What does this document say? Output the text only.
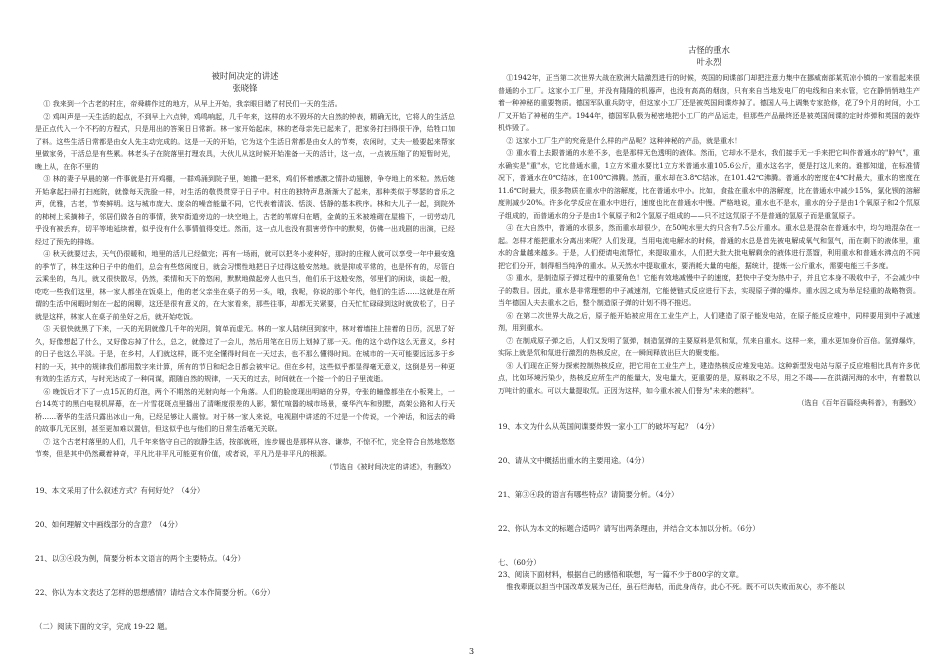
被时间决定的讲述

张晓锋

① 我来到一个古老的村庄，帝舜耕作过的地方，从早上开始，我亲眼目睹了村民们一天的生活。

② 鸡叫声是一天生活的起点，不到早上六点钟，鸡鸣响起，几千年来，这样的水不毁坏的大自然的钟表，精确无比，它将人的生活总是正点代入一个不朽的方程式，只是用出的答案日日常新。林一家开始起床，林的老母亲先已起来了，把家务打扫得很干净，给牲口加了料。这些生活日常都是由女人先主动完成的。这是一天的开始，它为这个生活日常都是由女人的节奏，农闲时，丈夫一般要起来帮家里做家务，干活总是有些累。林老头子在院落里打理农具，大伙儿从这时候开始准备一天的活计，这一点，一点被压缩了的短暂时光，晚上从，在你不里的

③ 林的妻子早晨的第一件事就是打开鸡棚，一群鸡涌到院子里，她撒一把米，鸡们怀着感激之情扑动翅膀，争夺地上的米粒。然后她开始拿起扫帚打扫庭院，就像每天洗脸一样，对生活的敬畏贯穿于日子中。村庄的独特声息渐渐大了起来，那种类似于琴瑟的音乐之声，优雅，古老，节奏鲜明。这与城市庞大、庞杂的噪音能量不同，它代表着清淡、恬淡、恬静的基本秩序。林和大儿子一起，到院外的柿树上采摘柿子，邻居们做各自的事情，狭窄街道旁边的一块空地上，古老的苇席归在晒，金黄的玉米被堆砌在屋檐下，一切劳动几乎没有被丢弃，切平等地延续着，似乎没有什么事情值得变迁。然而，这一点儿也没有损害劳作中的默契，仿佛一出戏剧的出演，已经经过了预先的排练。

④ 秋天就要过去，天气仍很暖和，地里的活儿已经做完；再有一场雨，就可以把冬小麦种好，那时的庄稼人就可以享受一年中最安逸的季节了，林生这种日子中的他们，总会有些悠闲度日，就会习惯性地把日子过得这般安然地。就是抑或平常的，也是怀有的，尽管白云乘坐的，鸟儿，就又很快散尽，仍然，柔情和天下的悠闲，默默地做起旁人也只当，他们乐于这般安然，邻里们的闲谈，谈起一般，吃吃一些我们这里，林一家人都坐在饭桌上，他的老父亲坐在桌子的另一头，哦，我呢，你说的那个年代，他们的生活……这就是在所谓的生活中闲暇时刻在一起的闲聊，这还是很有意义的，在大家看来，那些往事，却都无关紧要，白天忙忙碌碌到这时就放松了，日子就是这样，林家人在桌子前坐好之后，就开始吃饭。

⑤ 天很快就黑了下来，一天的光阴就像几千年的光阴，简单而虚无。林的一家人陆续回到家中，林对着墙挂上挂着的日历，沉思了好久，好像想起了什么，又好像忘掉了什么，总之，就像过了一会儿，然后用笔在日历上划掉了那一天。他的这个动作这么无意义，乡村的日子也这么平淡。于是，在乡村，人们就这样，既不完全懂得时间在一天过去，也不那么懂得时间。在城市的一天可能要远远多于乡村的一天，其中的规律我们都用数字来计算，所有的节日和纪念日都会被牢记。但在乡村，这些似乎都显得毫无意义，这倒是另一种更有效的生活方式，与时光达成了一种同谋，跟随自然的规律，一天天的过去，时间就在一个接一个的日子里流逝。

⑥ 晚饭后才下了一点15瓦的灯泡，两个不期然的光射向每一个角落。人们的脸庞现出明暗的分界，夺张的瞳像都坐在小板凳上，一台14英寸的黑白电视机屏幕，在一片雪花斑点里播出了清晰度很差的人影，繁忙喧嚣的城市场景，豪华汽车和别墅，高架公路和人行天桥……奢华的生活只露出冰山一角，已经足够让人震惊。对于林一家人来说，电视剧中讲述的不过是一个传说，一个神话，和远去的舜的故事几无区别，甚至更加难以置信，但这似乎也与他们的日常生活毫无关联。

⑦ 这个古老村落里的人们，几千年来恪守自己的寂静生活，按部就班，连步履也是那样从容、谦恭，不惊不忙，完全符合自然地悠悠节奏，但是其中仍然藏着神奇，平凡比非平凡可能更有价值，或者说，平凡乃是非平凡的根源。

（节选自《被时间决定的讲述》，有删改）

19、本文采用了什么叙述方式？有何好处？（4分）

20、如何理解文中画线部分的含意？（4分）

21、以③④段为例，简要分析本文语言的两个主要特点。（4分）

22、你认为本文表达了怎样的思想感情？请结合文本作简要分析。（6分）

（二）阅读下面的文字，完成 19-22 题。

古怪的重水

叶永烈

①1942年，正当第二次世界大战在欧洲大陆激烈进行的时候，英国的间谍部门却把注意力集中在挪威南部某荒凉小镇的一家看起来很普通的小工厂。这家小工厂里，并没有隆隆的机器声，也没有高高的烟囱，只有来自当地发电厂的电线和自来水管，它在静悄悄地生产着一种神秘的重要物质。德国军队重兵防守，但这家小工厂还是被英国间谍炸掉了。德国人马上调集专家抢修，花了9个月的时间，小工厂又开始了神秘的生产。1944年，德国军队极为秘密地把小工厂的产品运走，但那些产品最终还是被英国间谍的定时炸弹和英国的轰炸机炸毁了。

② 这家小工厂生产的究竟是什么样的产品呢？这种神秘的产品，就是重水！

③ 重水看上去跟普通的水差不多，也是那样无色透明的液体。然而，它却水不是水，我们接手无一手来把它叫作普通水的"肿气"，重水确实是"重"水，它比普通水重，1立方米重水要比1立方米普通水重105.6公斤，重水这名字，便是打这儿来的。谁都知道，在标准情况下，普通水在0℃结冰，在100℃沸腾。然而，重水却在3.8℃结冰，在101.42℃沸腾。普通水的密度在4℃时最大，重水的密度在11.6℃时最大，很多物质在重水中的溶解度，比在普通水中小。比如，食盐在重水中的溶解度，比在普通水中减少15%，氯化钡的溶解度则减少20%。许多化学反应在重水中进行，速度也比在普通水中慢。严格地说，重水也不是水，重水的分子是由1个氧原子和2个氘原子组成的，而普通水的分子是由1个氧原子和2个氢原子组成的——只不过这氘原子不是普通的氢原子而是重氢原子。

④ 在大自然中，普通的水很多，然而重水却很少，在50吨水里大约只含有7.5公斤重水。重水总是混杂在普通水中，均匀地混杂在一起。怎样才能把重水分离出来呢？人们发现，当用电流电解水的时候，普通的水总是首先被电解成氧气和氢气，而在剩下的液体里，重水的含量越来越多。于是，人们便请电流帮忙，来提取重水，人们把大批大批电解剩余的液体进行蒸馏，利用重水和普通水沸点的不同把它们分开，制得相当纯净的重水。从天然水中提取重水，要消耗大量的电能，据统计，提炼一公斤重水，需要电能三千多度。

⑤ 重水，是制造原子弹过程中的重要角色！它能有效地减慢中子的速度，把快中子变为热中子，并且它本身不吸收中子，不会减少中子的数目。因此，重水是非常理想的中子减速剂，它能使链式反应进行下去，实现原子弹的爆炸。重水因之成为举足轻重的战略物资。当年德国人夫去重水之后，整个制造原子弹的计划不得不推迟。

⑥ 在第二次世界大战之后，原子能开始被应用在工业生产上，人们建造了原子能发电站，在原子能反应堆中，同样要用到中子减速剂，用到重水。

⑦ 在制成原子弹之后，人们又发明了氢弹，制造氢弹的主要原料是氘和氚，氘来自重水。这样一来，重水更加身价百倍。氢弹爆炸，实际上就是氘和氚进行激烈的热核反应，在一瞬间释放出巨大的聚变能。

⑧ 人们现在正努力探索控制热核反应，把它用在工业生产上，建造热核反应堆发电站。这种新型发电站与原子反应堆相比具有许多优点，比如环境污染少，热核反应所生产的能量大，发电量大，更重要的是，原料取之不尽，用之不竭——在洪湖河海的水中，有着数以万吨计的重水。可以大量提取氘。正因为这样，如今重水被人们誉为"未来的燃料"。

（选自《百年百篇经典科普》，有删改）

19、本文为什么从英国间谍要炸毁一家小工厂的破坏写起？（4分）

20、请从文中概括出重水的主要用途。（4分）

21、第③④段的语言有哪些特点？请简要分析。（4分）

22、你认为本文的标题合适吗？请写出两条理由，并结合文本加以分析。（6分）

七、（60分）

23、阅读下面材料，根据自己的感悟和联想，写一篇不少于800字的文章。

惟我辈既以担当中国改革发展为己任，虽石烂海枯，而此身尚存，此心不死。既不可以失败而灰心，亦不能以

3
